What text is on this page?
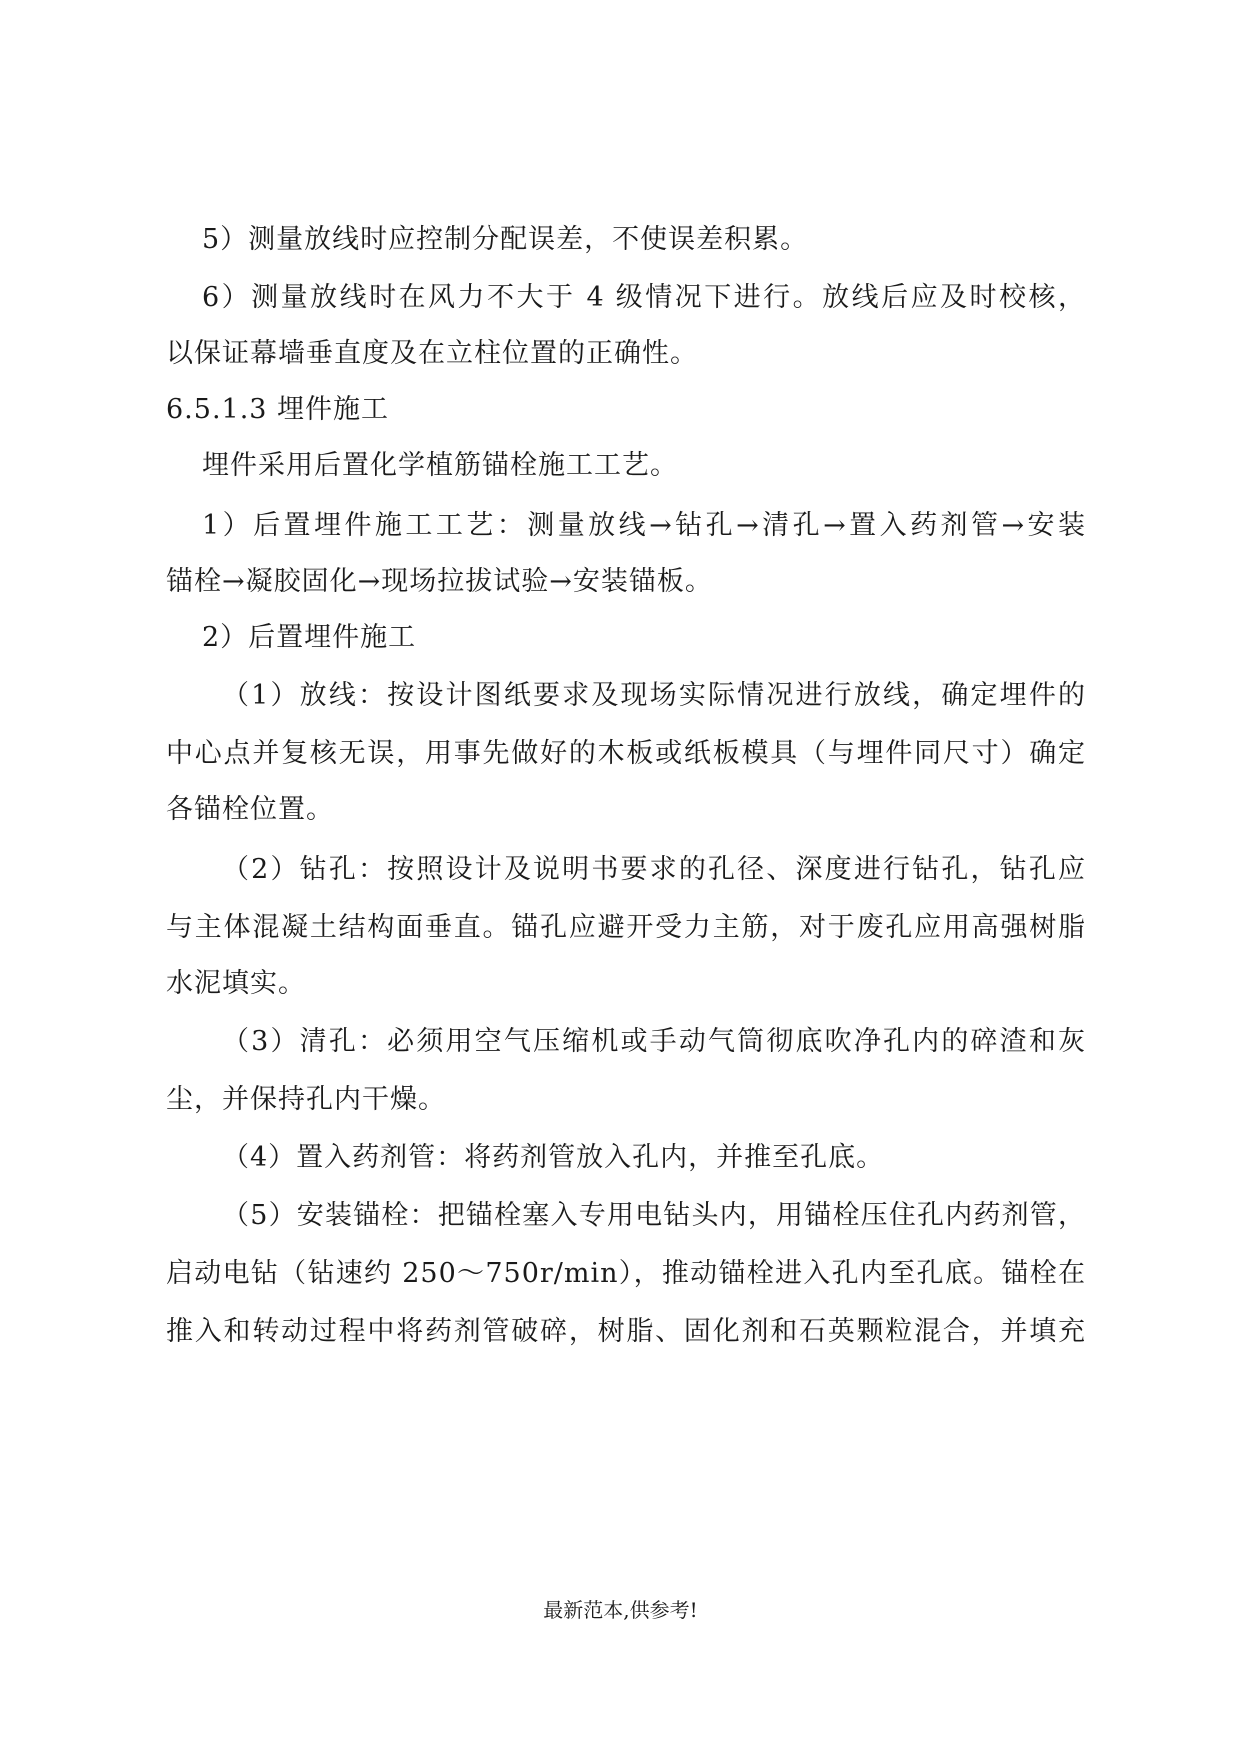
5）测量放线时应控制分配误差，不使误差积累。
6）测量放线时在风力不大于 4 级情况下进行。放线后应及时校核，
以保证幕墙垂直度及在立柱位置的正确性。
6.5.1.3 埋件施工
埋件采用后置化学植筋锚栓施工工艺。
1）后置埋件施工工艺：测量放线→钻孔→清孔→置入药剂管→安装
锚栓→凝胶固化→现场拉拔试验→安装锚板。
2）后置埋件施工
（1）放线：按设计图纸要求及现场实际情况进行放线，确定埋件的
中心点并复核无误，用事先做好的木板或纸板模具（与埋件同尺寸）确定
各锚栓位置。
（2）钻孔：按照设计及说明书要求的孔径、深度进行钻孔，钻孔应
与主体混凝土结构面垂直。锚孔应避开受力主筋，对于废孔应用高强树脂
水泥填实。
（3）清孔：必须用空气压缩机或手动气筒彻底吹净孔内的碎渣和灰
尘，并保持孔内干燥。
（4）置入药剂管：将药剂管放入孔内，并推至孔底。
（5）安装锚栓：把锚栓塞入专用电钻头内，用锚栓压住孔内药剂管，
启动电钻（钻速约 250～750r/min），推动锚栓进入孔内至孔底。锚栓在
推入和转动过程中将药剂管破碎，树脂、固化剂和石英颗粒混合，并填充
最新范本,供参考!
